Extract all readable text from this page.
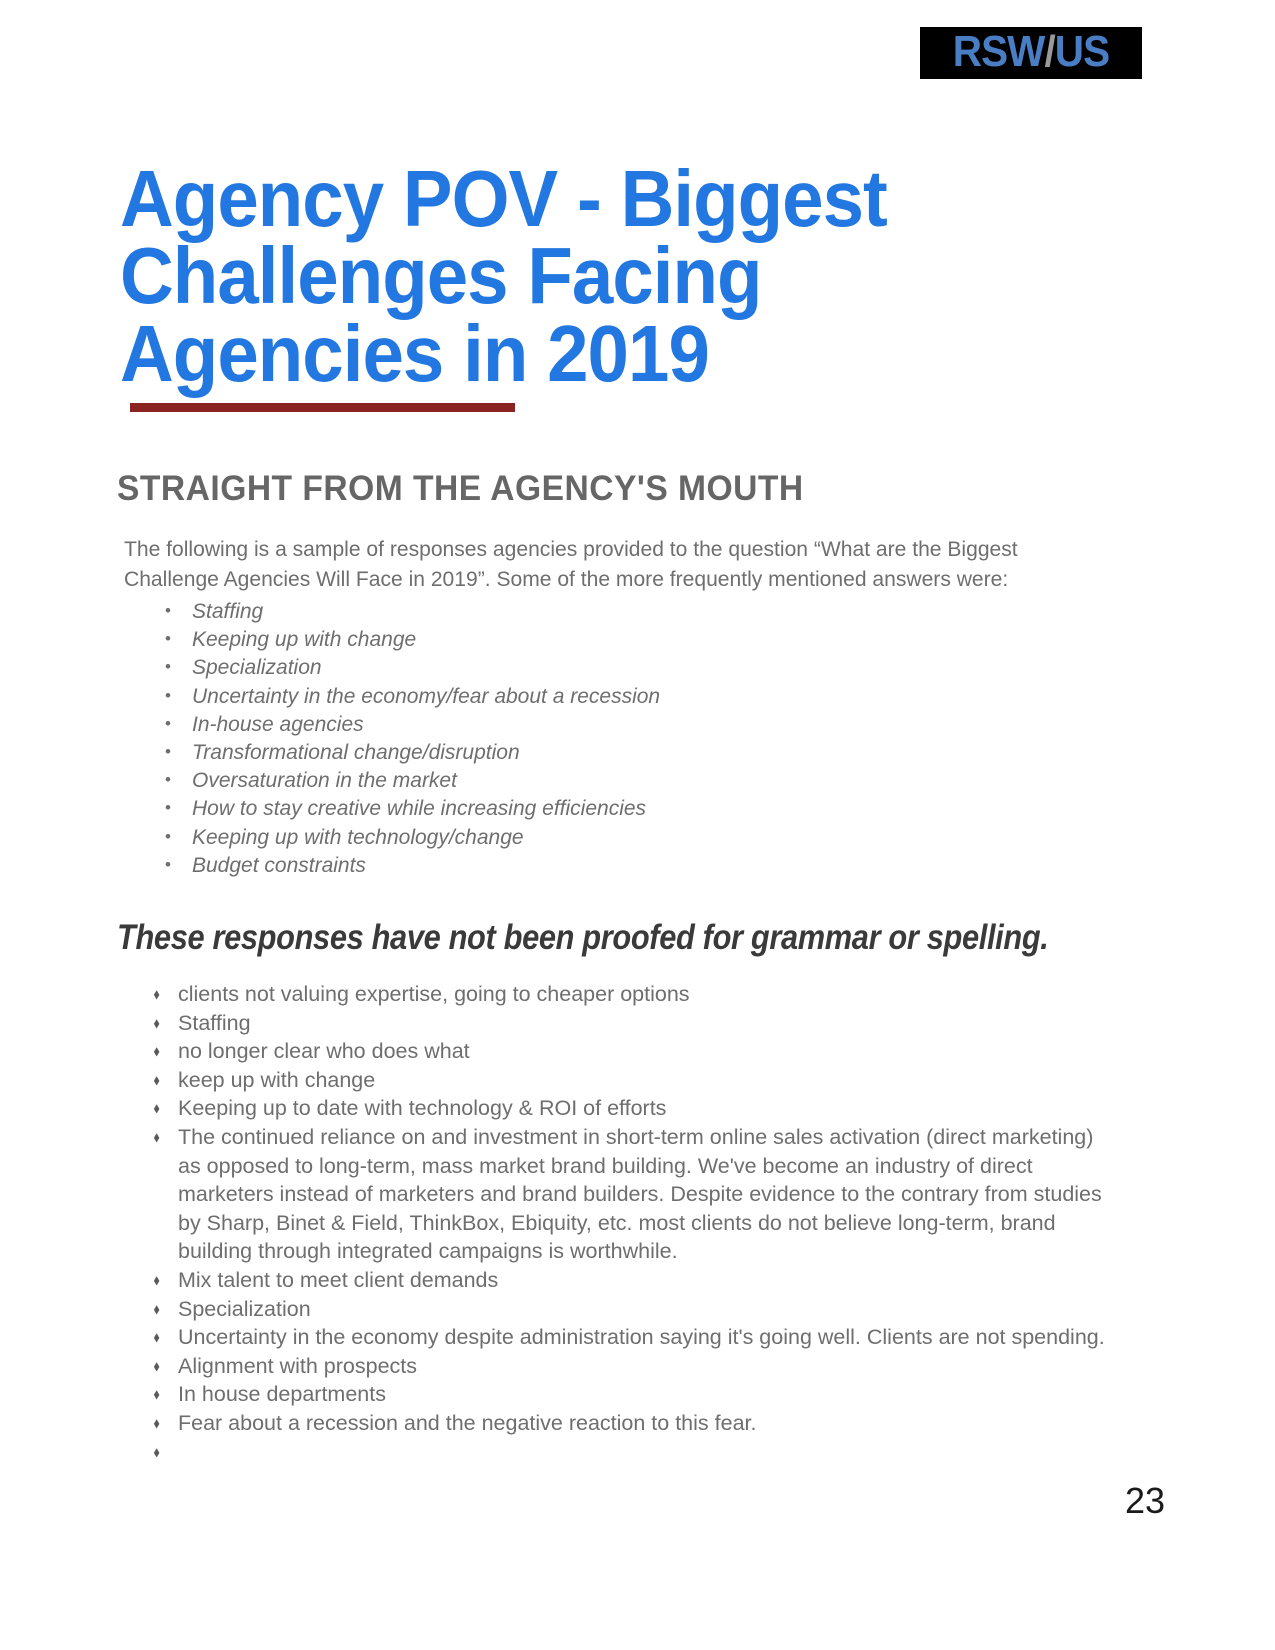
RSW/US
Agency POV - Biggest Challenges Facing Agencies in 2019
STRAIGHT FROM THE AGENCY'S MOUTH

The following is a sample of responses agencies provided to the question “What are the Biggest Challenge Agencies Will Face in 2019”. Some of the more frequently mentioned answers were:

• Staffing
• Keeping up with change
• Specialization
• Uncertainty in the economy/fear about a recession
• In-house agencies
• Transformational change/disruption
• Oversaturation in the market
• How to stay creative while increasing efficiencies
• Keeping up with technology/change
• Budget constraints
These responses have not been proofed for grammar or spelling.
◆ clients not valuing expertise, going to cheaper options
◆ Staffing
◆ no longer clear who does what
◆ keep up with change
◆ Keeping up to date with technology & ROI of efforts
◆ The continued reliance on and investment in short-term online sales activation (direct marketing) as opposed to long-term, mass market brand building. We've become an industry of direct marketers instead of marketers and brand builders. Despite evidence to the contrary from studies by Sharp, Binet & Field, ThinkBox, Ebiquity, etc. most clients do not believe long-term, brand building through integrated campaigns is worthwhile.
◆ Mix talent to meet client demands
◆ Specialization
◆ Uncertainty in the economy despite administration saying it's going well. Clients are not spending.
◆ Alignment with prospects
◆ In house departments
◆ Fear about a recession and the negative reaction to this fear.
23
